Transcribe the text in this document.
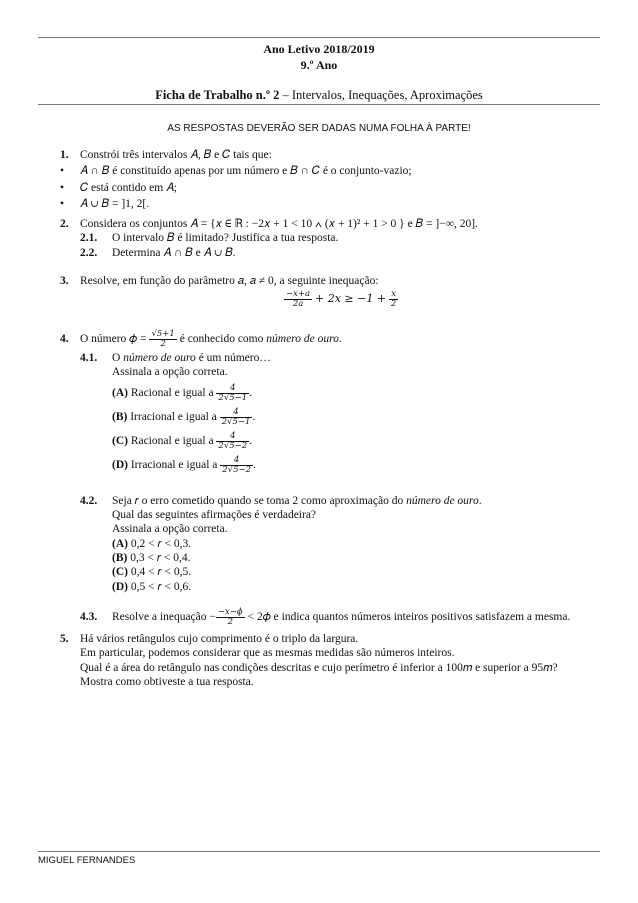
Ano Letivo 2018/2019
9.º Ano
Ficha de Trabalho n.º 2 – Intervalos, Inequações, Aproximações
AS RESPOSTAS DEVERÃO SER DADAS NUMA FOLHA À PARTE!
1. Constrói três intervalos 𝐴, 𝐵 e 𝐶 tais que:
• 𝐴 ∩ 𝐵 é constituído apenas por um número e 𝐵 ∩ 𝐶 é o conjunto-vazio;
• 𝐶 está contido em 𝐴;
• 𝐴 ∪ 𝐵 = ]1, 2[.
2. Considera os conjuntos 𝐴 = {𝑥 ∈ ℝ : −2𝑥 + 1 < 10 ∧ (𝑥 + 1)² + 1 > 0 } e 𝐵 = ]−∞, 20].
2.1. O intervalo 𝐵 é limitado? Justifica a tua resposta.
2.2. Determina 𝐴 ∩ 𝐵 e 𝐴 ∪ 𝐵.
3. Resolve, em função do parâmetro 𝑎, 𝑎 ≠ 0, a seguinte inequação:
$\frac{\text{−𝑥+𝑎}}{\text{2𝑎}}$ + 2𝑥 ≥ $-1 + \frac{\text{𝑥}}{2}$
4. O número 𝜙 = $\frac{√5+1}{2}$ é conhecido como número de ouro.
4.1. O número de ouro é um número…
Assinala a opção correta.
(A) Racional e igual a $\frac{4}{2√5-1}$ .
(B) Irracional e igual a $\frac{4}{2√5-1}$ .
(C) Racional e igual a $\frac{4}{2√5-2}$ .
(D) Irracional e igual a $\frac{4}{2√5-2}$ .
4.2. Seja 𝑟 o erro cometido quando se toma 2 como aproximação do número de ouro.
Qual das seguintes afirmações é verdadeira?
Assinala a opção correta.
(A) 0,2 < 𝑟 < 0,3.
(B) 0,3 < 𝑟 < 0,4.
(C) 0,4 < 𝑟 < 0,5.
(D) 0,5 < 𝑟 < 0,6.
4.3. Resolve a inequação − $\frac{\text{−𝑥−𝜙}}{2}$ < 2𝜙 e indica quantos números inteiros positivos satisfazem a mesma.
5. Há vários retângulos cujo comprimento é o triplo da largura.
Em particular, podemos considerar que as mesmas medidas são números inteiros.
Qual é a área do retângulo nas condições descritas e cujo perímetro é inferior a 100𝑚 e superior a 95𝑚?
Mostra como obtiveste a tua resposta.
MIGUEL FERNANDES
